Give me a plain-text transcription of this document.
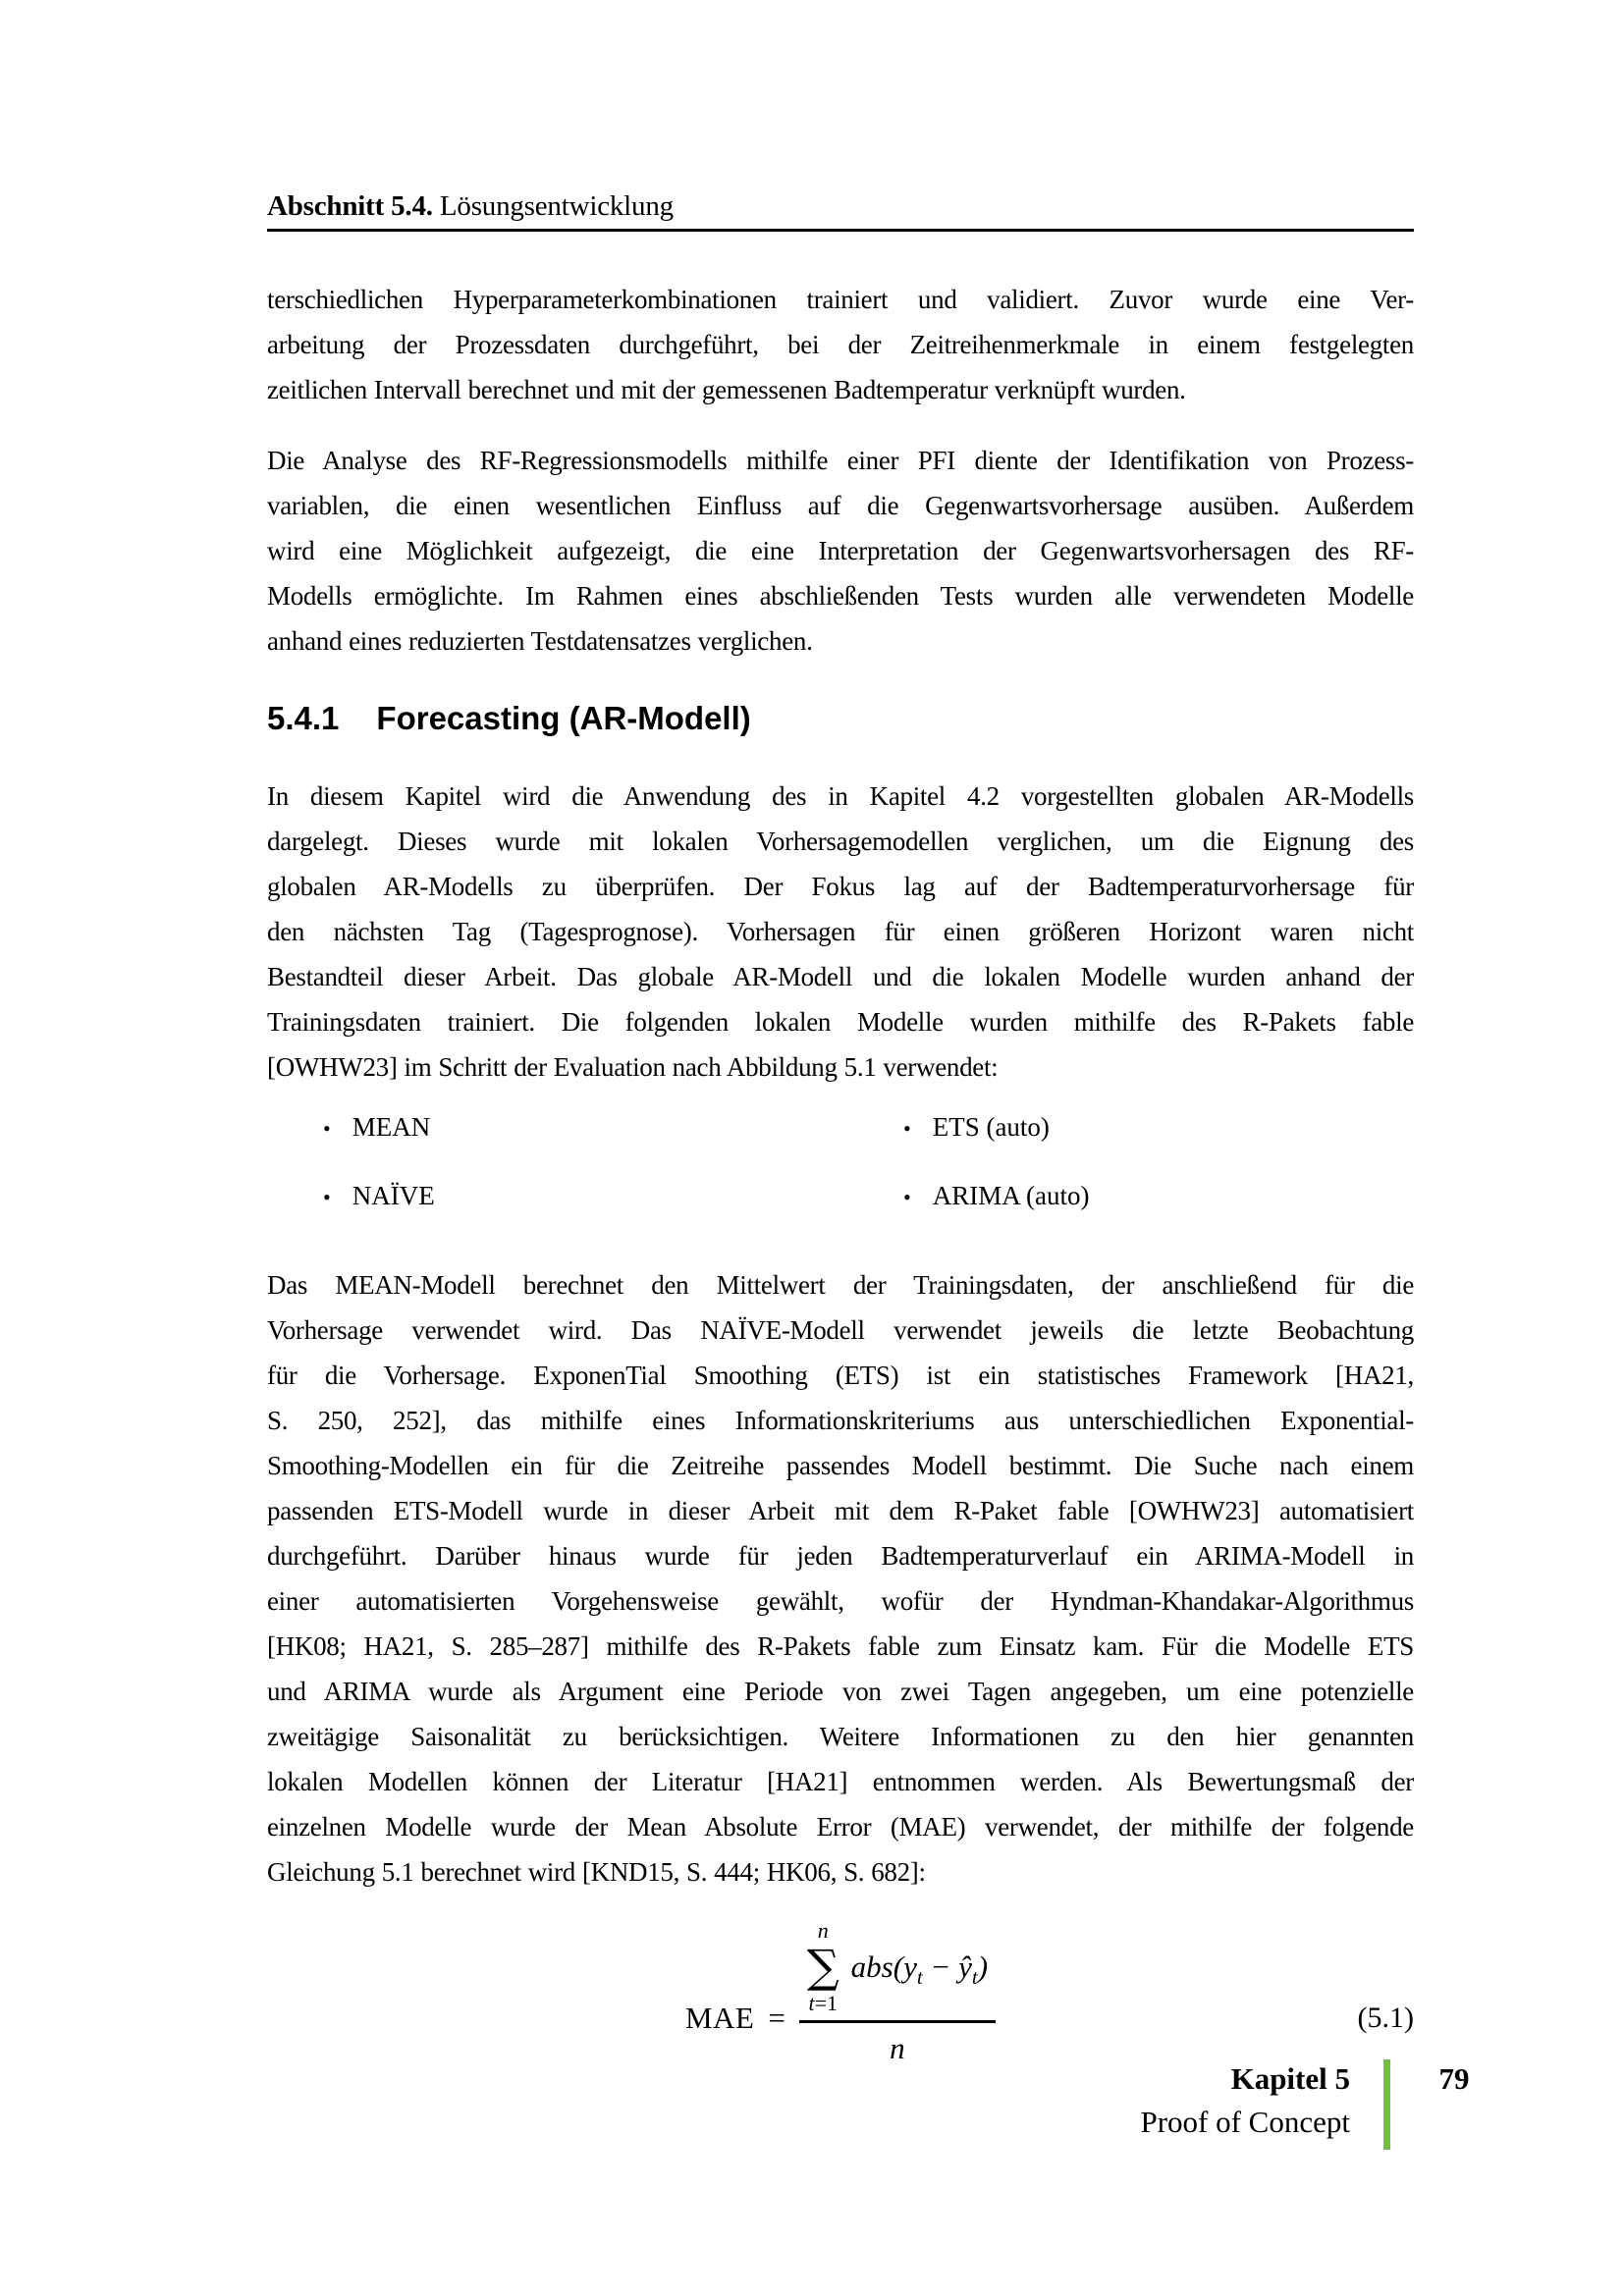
Abschnitt 5.4. Lösungsentwicklung
terschiedlichen Hyperparameterkombinationen trainiert und validiert. Zuvor wurde eine Ver-
arbeitung der Prozessdaten durchgeführt, bei der Zeitreihenmerkmale in einem festgelegten
zeitlichen Intervall berechnet und mit der gemessenen Badtemperatur verknüpft wurden.
Die Analyse des RF-Regressionsmodells mithilfe einer PFI diente der Identifikation von Prozess-
variablen, die einen wesentlichen Einfluss auf die Gegenwartsvorhersage ausüben. Außerdem
wird eine Möglichkeit aufgezeigt, die eine Interpretation der Gegenwartsvorhersagen des RF-
Modells ermöglichte. Im Rahmen eines abschließenden Tests wurden alle verwendeten Modelle
anhand eines reduzierten Testdatensatzes verglichen.
5.4.1 Forecasting (AR-Modell)
In diesem Kapitel wird die Anwendung des in Kapitel 4.2 vorgestellten globalen AR-Modells
dargelegt. Dieses wurde mit lokalen Vorhersagemodellen verglichen, um die Eignung des
globalen AR-Modells zu überprüfen. Der Fokus lag auf der Badtemperaturvorhersage für
den nächsten Tag (Tagesprognose). Vorhersagen für einen größeren Horizont waren nicht
Bestandteil dieser Arbeit. Das globale AR-Modell und die lokalen Modelle wurden anhand der
Trainingsdaten trainiert. Die folgenden lokalen Modelle wurden mithilfe des R-Pakets fable
[OWHW23] im Schritt der Evaluation nach Abbildung 5.1 verwendet:
• MEAN
• NAÏVE
• ETS (auto)
• ARIMA (auto)
Das MEAN-Modell berechnet den Mittelwert der Trainingsdaten, der anschließend für die
Vorhersage verwendet wird. Das NAÏVE-Modell verwendet jeweils die letzte Beobachtung
für die Vorhersage. ExponenTial Smoothing (ETS) ist ein statistisches Framework [HA21,
S. 250, 252], das mithilfe eines Informationskriteriums aus unterschiedlichen Exponential-
Smoothing-Modellen ein für die Zeitreihe passendes Modell bestimmt. Die Suche nach einem
passenden ETS-Modell wurde in dieser Arbeit mit dem R-Paket fable [OWHW23] automatisiert
durchgeführt. Darüber hinaus wurde für jeden Badtemperaturverlauf ein ARIMA-Modell in
einer automatisierten Vorgehensweise gewählt, wofür der Hyndman-Khandakar-Algorithmus
[HK08; HA21, S. 285–287] mithilfe des R-Pakets fable zum Einsatz kam. Für die Modelle ETS
und ARIMA wurde als Argument eine Periode von zwei Tagen angegeben, um eine potenzielle
zweitägige Saisonalität zu berücksichtigen. Weitere Informationen zu den hier genannten
lokalen Modellen können der Literatur [HA21] entnommen werden. Als Bewertungsmaß der
einzelnen Modelle wurde der Mean Absolute Error (MAE) verwendet, der mithilfe der folgende
Gleichung 5.1 berechnet wird [KND15, S. 444; HK06, S. 682]:
MAE =
n
∑
t=1
$abs(y_t$ − $ŷ_t$)
n
(5.1)
Kapitel 5
Proof of Concept
79
